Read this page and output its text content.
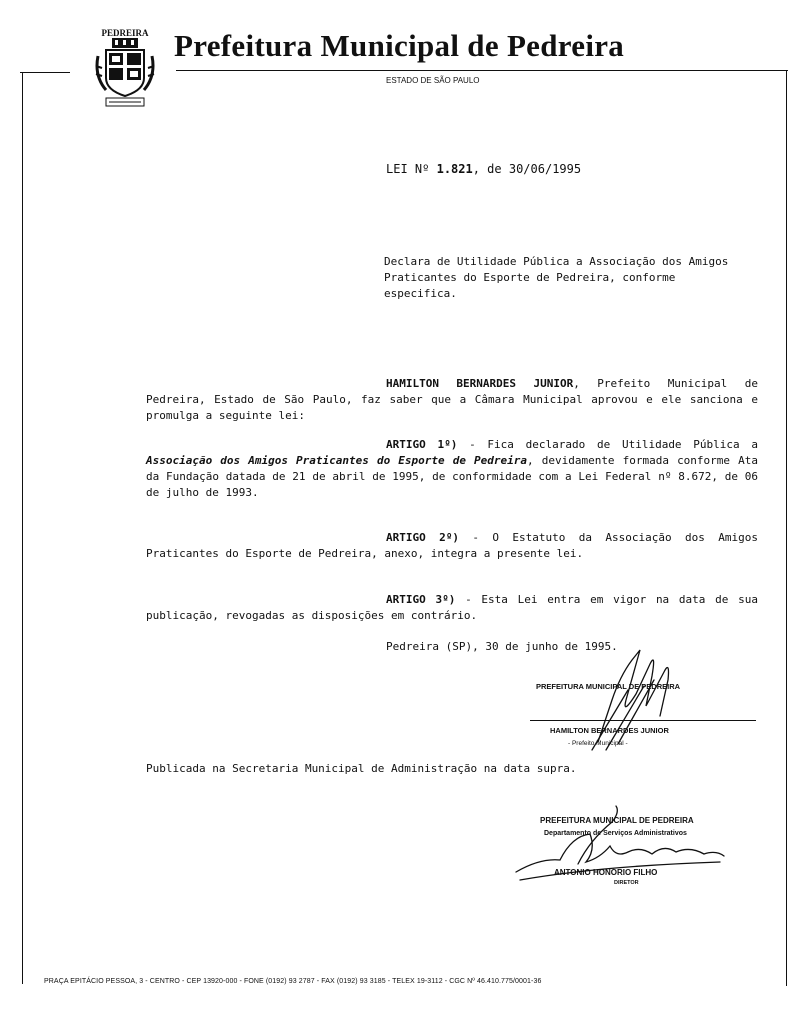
PEDREIRA Prefeitura Municipal de Pedreira
ESTADO DE SÃO PAULO
LEI Nº 1.821, de 30/06/1995
Declara de Utilidade Pública a Associação dos Amigos Praticantes do Esporte de Pedreira, conforme especifica.
HAMILTON BERNARDES JUNIOR, Prefeito Municipal de Pedreira, Estado de São Paulo, faz saber que a Câmara Municipal aprovou e ele sanciona e promulga a seguinte lei:
ARTIGO 1º) - Fica declarado de Utilidade Pública a Associação dos Amigos Praticantes do Esporte de Pedreira, devidamente formada conforme Ata da Fundação datada de 21 de abril de 1995, de conformidade com a Lei Federal nº 8.672, de 06 de julho de 1993.
ARTIGO 2º) - O Estatuto da Associação dos Amigos Praticantes do Esporte de Pedreira, anexo, integra a presente lei.
ARTIGO 3º) - Esta Lei entra em vigor na data de sua publicação, revogadas as disposições em contrário.
Pedreira (SP), 30 de junho de 1995.
PREFEITURA MUNICIPAL DE PEDREIRA
HAMILTON BERNARDES JUNIOR
- Prefeito Municipal -
Publicada na Secretaria Municipal de Administração na data supra.
PREFEITURA MUNICIPAL DE PEDREIRA
Departamento de Serviços Administrativos
ANTONIO HONÓRIO FILHO
DIRETOR
PRAÇA EPITÁCIO PESSOA, 3 - CENTRO - CEP 13920-000 - FONE (0192) 93 2787 - FAX (0192) 93 3185 - TELEX 19-3112 - CGC Nº 46.410.775/0001-36
